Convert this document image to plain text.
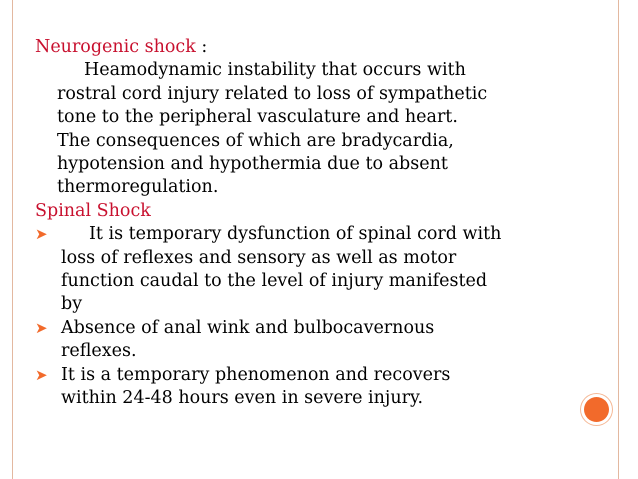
Neurogenic shock :
Heamodynamic instability that occurs with
rostral cord injury related to loss of sympathetic
tone to the peripheral vasculature and heart.
The consequences of which are bradycardia,
hypotension and hypothermia due to absent
thermoregulation.
Spinal Shock
➤	It is temporary dysfunction of spinal cord with
loss of reflexes and sensory as well as motor
function caudal to the level of injury manifested
by
➤ Absence of anal wink and bulbocavernous
reflexes.
➤ It is a temporary phenomenon and recovers
within 24-48 hours even in severe injury.
